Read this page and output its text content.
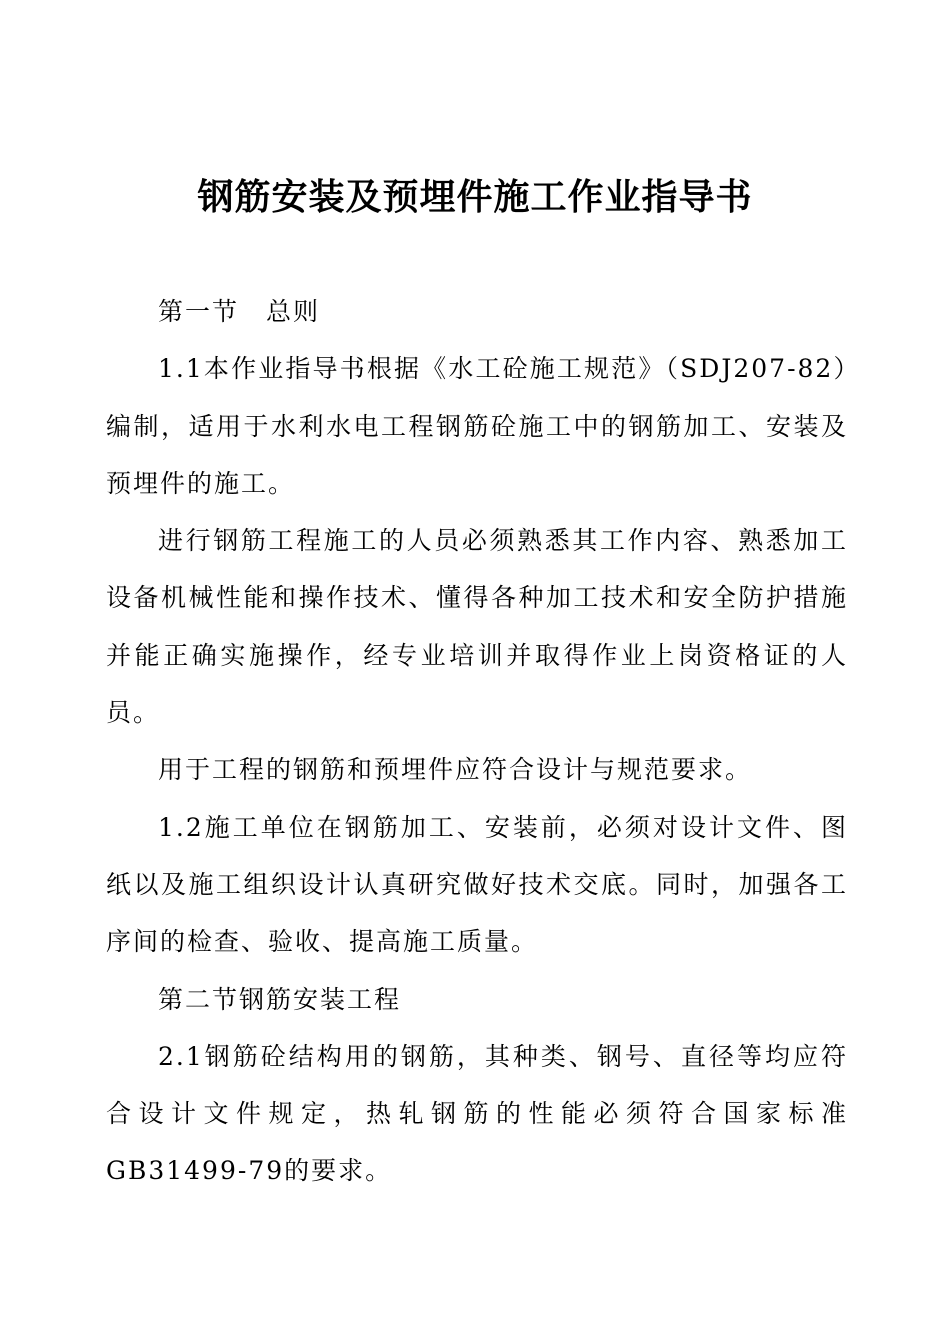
钢筋安装及预埋件施工作业指导书

第一节　总则

1.1本作业指导书根据《水工砼施工规范》（SDJ207-82）编制，适用于水利水电工程钢筋砼施工中的钢筋加工、安装及预埋件的施工。

进行钢筋工程施工的人员必须熟悉其工作内容、熟悉加工设备机械性能和操作技术、懂得各种加工技术和安全防护措施并能正确实施操作，经专业培训并取得作业上岗资格证的人员。

用于工程的钢筋和预埋件应符合设计与规范要求。

1.2施工单位在钢筋加工、安装前，必须对设计文件、图纸以及施工组织设计认真研究做好技术交底。同时，加强各工序间的检查、验收、提高施工质量。

第二节钢筋安装工程

2.1钢筋砼结构用的钢筋，其种类、钢号、直径等均应符合设计文件规定，热轧钢筋的性能必须符合国家标准GB31499-79的要求。
